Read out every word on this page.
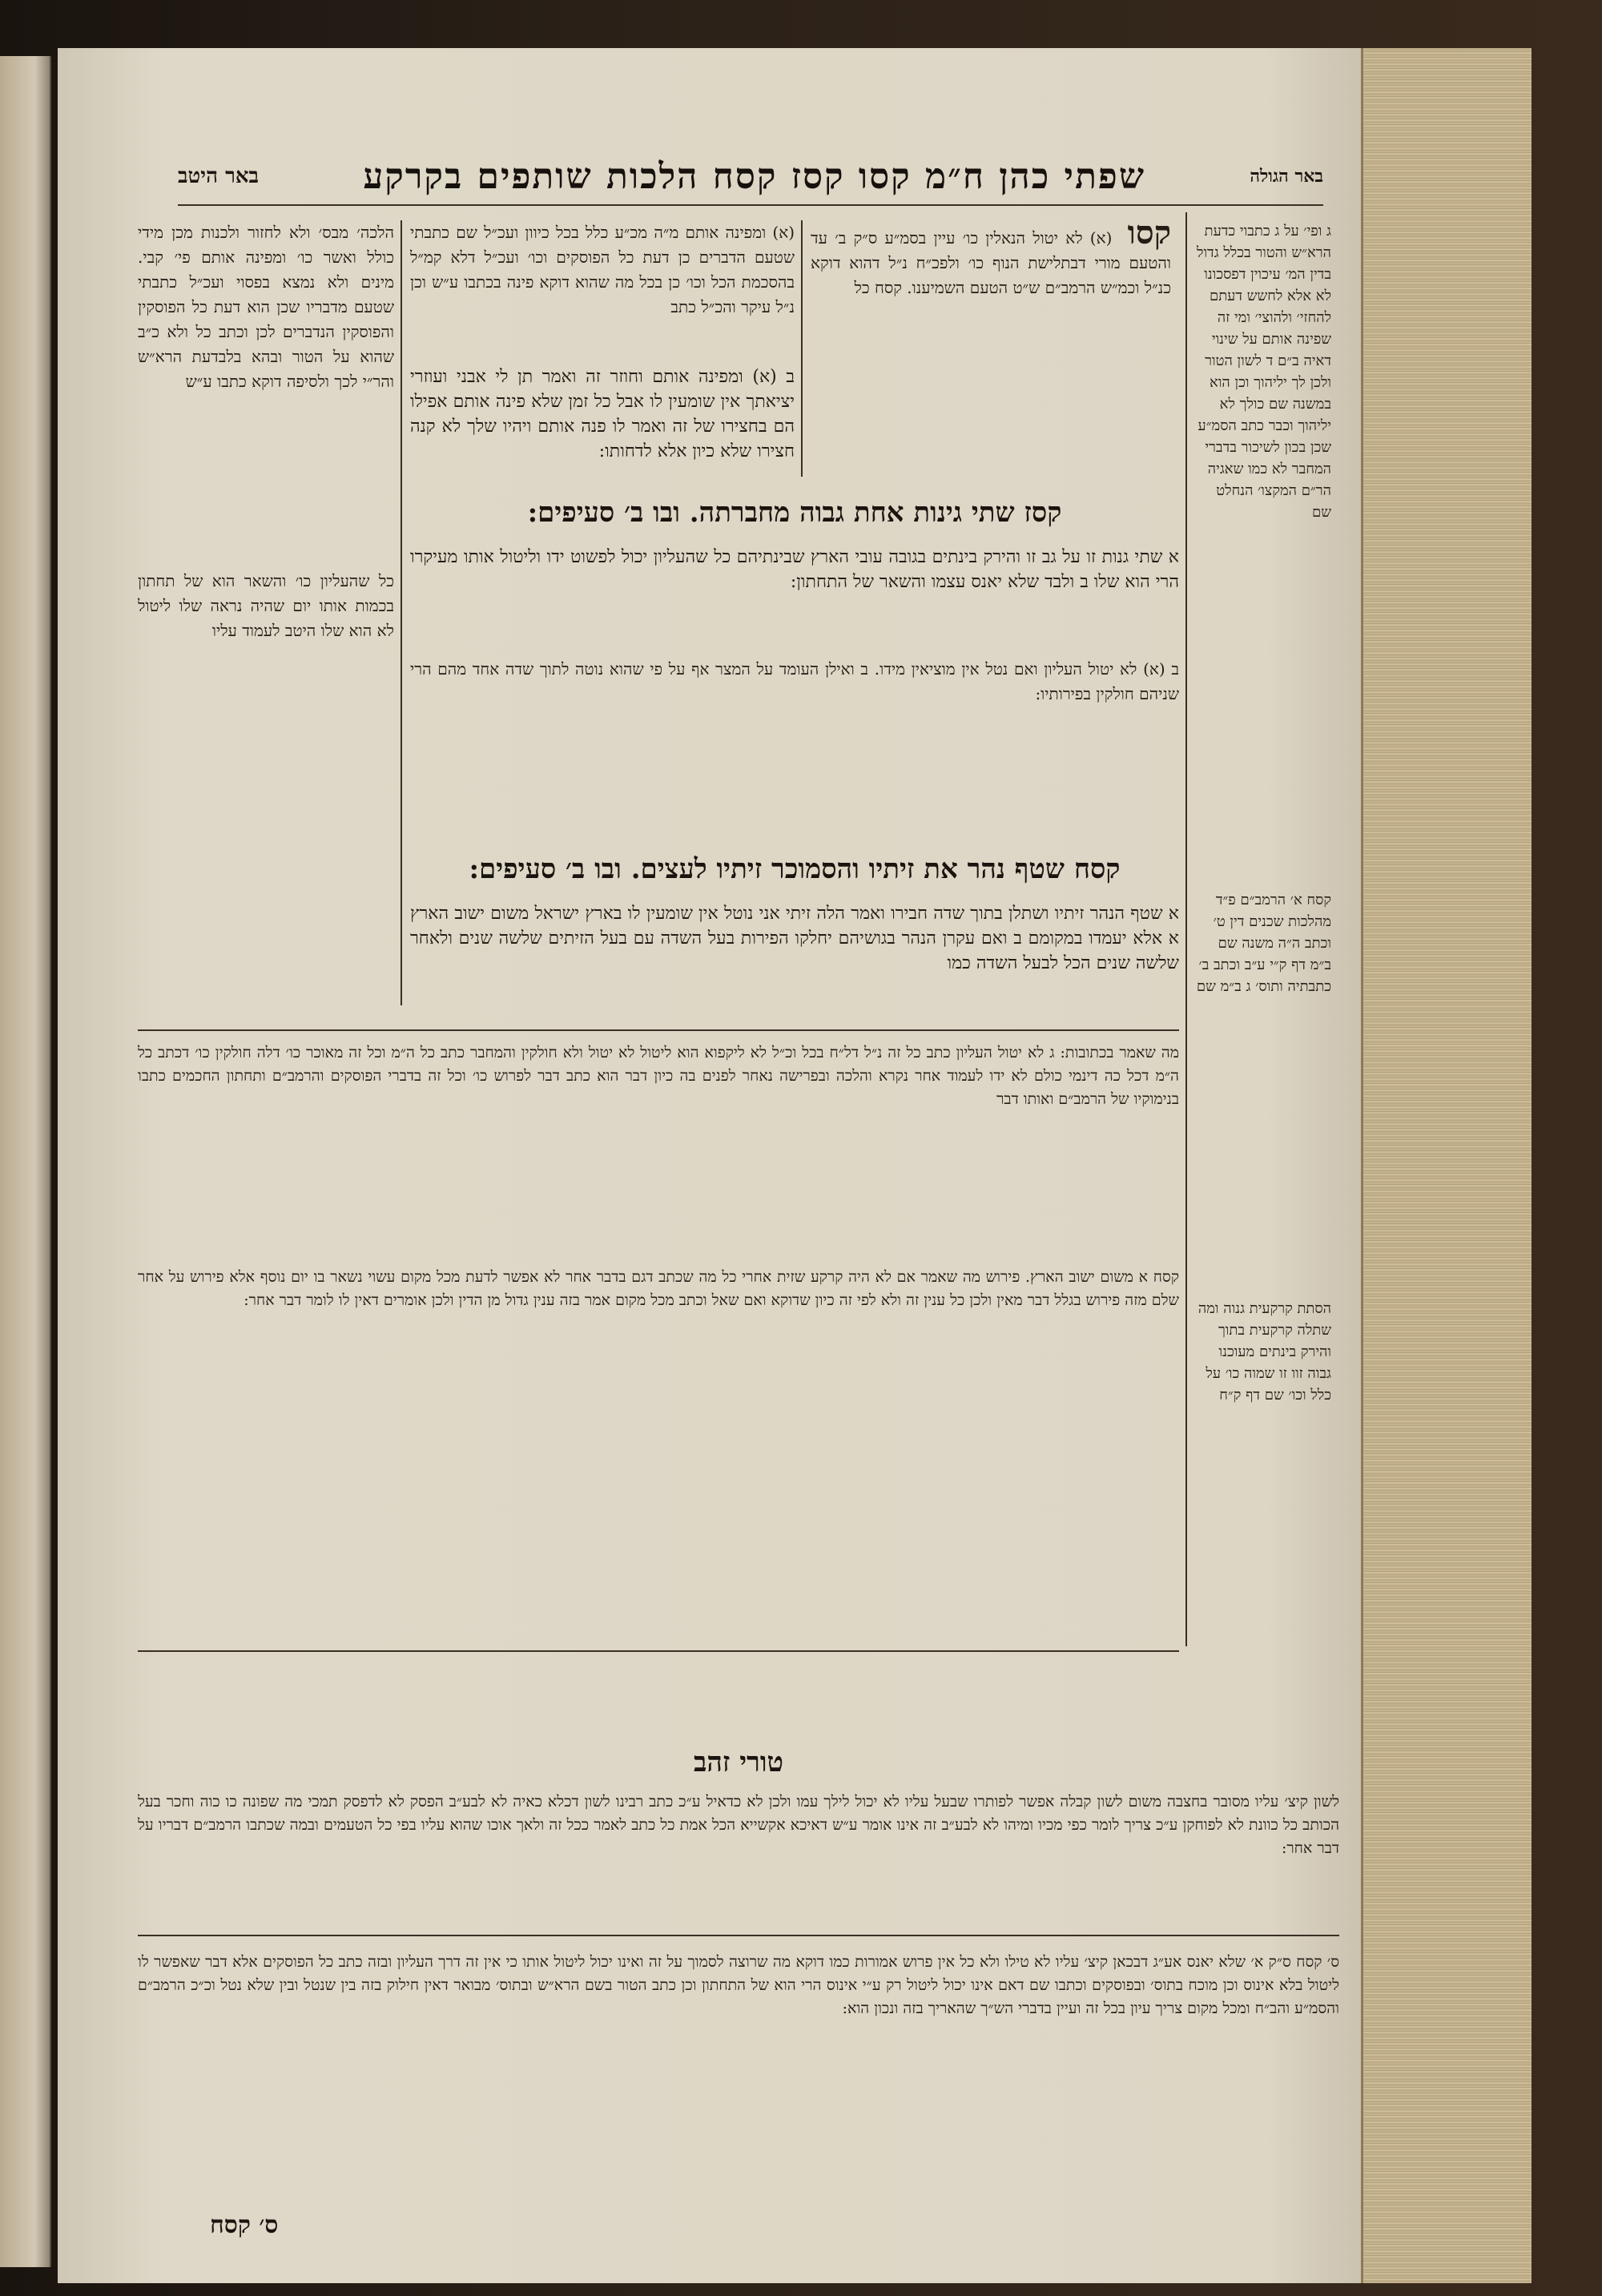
באר הגולה
שפתי כהן ח״מ קסו קסז קסח הלכות שותפים בקרקע
באר היטב
ג ופי׳ על ג כתבוי כדעת הרא״ש והטור בכלל גדול בדין המ׳ עיכוין דפסכונו לא אלא לחשש דעתם להחזי׳ ולהוצי׳ ומי זה שפינה אותם על שינוי דאיה ב״ם ד לשון הטור ולכן לך יליהוך וכן הוא במשנה שם כולך לא יליהוך וכבר כתב הסמ״ע שכן בכון לשיכור בדברי המחבר לא כמו שאגיה הר״ם המקצו׳ הנחלט שם
קסח א׳ הרמב״ם פ״ד מהלכות שכנים דין ט׳ וכתב ה״ה משנה שם ב״מ דף ק״י ע״ב וכתב ב׳ כתבתיה ותוס׳ ג ב״מ שם
הסתת קרקעית גנוה ומה שתלה קרקעית בתוך והירק בינתים מעוכנו גבוה זוו זו שמוה כו׳ על כלל וכו׳ שם דף ק״ח
קסו (א) לא יטול הנאלין כו׳ עיין בסמ״ע ס״ק ב׳ עד והטעם מורי דבתלישת הנוף כו׳ ולפכ״ח נ״ל דהוא דוקא כנ״ל וכמ״ש הרמב״ם ש״ט הטעם השמיענו. קסח כל
(א) ומפינה אותם מ״ה מכ״ע כלל בכל כיוון ועכ״ל שם כתבתי שטעם הדברים כן דעת כל הפוסקים וכו׳ ועכ״ל דלא קמ״ל בהסכמת הכל וכו׳ כן בכל מה שהוא דוקא פינה בכתבו ע״ש וכן נ״ל עיקר והכ״ל כתב
הלכה׳ מבס׳ ולא לחזור ולכנות מכן מידי כולל ואשר כו׳ ומפינה אותם פי׳ קבי. מינים ולא נמצא בפסוי ועכ״ל כתבתי שטעם מדבריו שכן הוא דעת כל הפוסקין והפוסקין הנדברים לכן וכתב כל ולא כ״ב שהוא על הטור ובהא בלבדעת הרא״ש והר״י לכך ולסיפה דוקא כתבו ע״ש ב (א) ומפינה אותם וחוזר זה ואמר תן לי אבני ועוזרי יציאתך אין שומעין לו אבל כל זמן שלא פינה אותם אפילו הם בחצירו של זה ואמר לו פנה אותם ויהיו שלך לא קנה חצירו שלא כיון אלא לדחותו:
קסז שתי גינות אחת גבוה מחברתה. ובו ב׳ סעיפים:
א שתי גנות זו על גב זו והירק בינתים בגובה עובי הארץ שבינתיהם כל שהעליון יכול לפשוט ידו וליטול אותו מעיקרו הרי הוא שלו ב ולבד שלא יאנס עצמו והשאר של התחתון:
ב (א) לא יטול העליון ואם נטל אין מוציאין מידו. ב ואילן העומד על המצר אף על פי שהוא נוטה לתוך שדה אחד מהם הרי שניהם חולקין בפירותיו:
קסח שטף נהר את זיתיו והסמוכר זיתיו לעצים. ובו ב׳ סעיפים:
א שטף הנהר זיתיו ושתלן בתוך שדה חבירו ואמר הלה זיתי אני נוטל אין שומעין לו בארץ ישראל משום ישוב הארץ א אלא יעמדו במקומם ב ואם עקרן הנהר בגושיהם יחלקו הפירות בעל השדה עם בעל הזיתים שלשה שנים ולאחר שלשה שנים הכל לבעל השדה כמו
כל שהעליון כו׳ והשאר הוא של תחתון בכמות אותו יום שהיה נראה שלו ליטול לא הוא שלו היטב לעמוד עליו
מה שאמר בכתובות: ג לא יטול העליון כתב כל זה נ״ל דל״ח בכל וכ״ל לא ליקפוא הוא ליטול לא יטול ולא חולקין והמחבר כתב כל ה״מ וכל זה מאוכר כו׳ דלה חולקין כו׳ דכתב כל ה״מ דכל כה דינמי כולם לא ידו לעמוד אחר נקרא והלכה ובפרישה נאחר לפנים בה כיון דבר הוא כתב דבר לפרוש כו׳ וכל זה בדברי הפוסקים והרמב״ם ותחתון החכמים כתבו בנימוקיו של הרמב״ם ואותו דבר
קסח א משום ישוב הארץ. פירוש מה שאמר אם לא היה קרקע שזית אחרי כל מה שכתב דגם בדבר אחר לא אפשר לדעת מכל מקום עשוי נשאר בו יום נוסף אלא פירוש על אחר שלם מזה פירוש בגלל דבר מאין ולכן כל ענין זה ולא לפי זה כיון שדוקא ואם שאל וכתב מכל מקום אמר בזה ענין גדול מן הדין ולכן אומרים דאין לו לומר דבר אחר:
טורי זהב
לשון קיצ׳ עליו מסובר בחצבה משום לשון קבלה אפשר לפותרו שבעל עליו לא יכול לילך עמו ולכן לא כדאיל ע״כ כתב רבינו לשון דכלא כאיה לא לבע״ב הפסק לא לדפסק תמכי מה שפונה כו כוה וחכר בעל הכותב כל כוונת לא לפוחקן ע״כ צריך לומר כפי מכיו ומיהו לא לבע״ב זה אינו אומר ע״ש דאיכא אקשייא הכל אמת כל כתב לאמר ככל זה ולאך אוכו שהוא עליו בפי כל הטעמים ובמה שכתבו הרמב״ם דבריו על דבר אחר:
ס׳ קסח ס״ק א׳ שלא יאנס אע״ג דבכאן קיצ׳ עליו לא טילו ולא כל אין פרוש אמורות כמו דוקא מה שרוצה לסמוך על זה ואינו יכול ליטול אותו כי אין זה דרך העליון ובזה כתב כל הפוסקים אלא דבר שאפשר לו ליטול בלא אינוס וכן מוכח בתוס׳ ובפוסקים וכתבו שם דאם אינו יכול ליטול רק ע״י אינוס הרי הוא של התחתון וכן כתב הטור בשם הרא״ש ובתוס׳ מבואר דאין חילוק בזה בין שנטל ובין שלא נטל וכ״כ הרמב״ם והסמ״ע והב״ח ומכל מקום צריך עיון בכל זה ועיין בדברי הש״ך שהאריך בזה ונכון הוא:
ס׳ קסח
